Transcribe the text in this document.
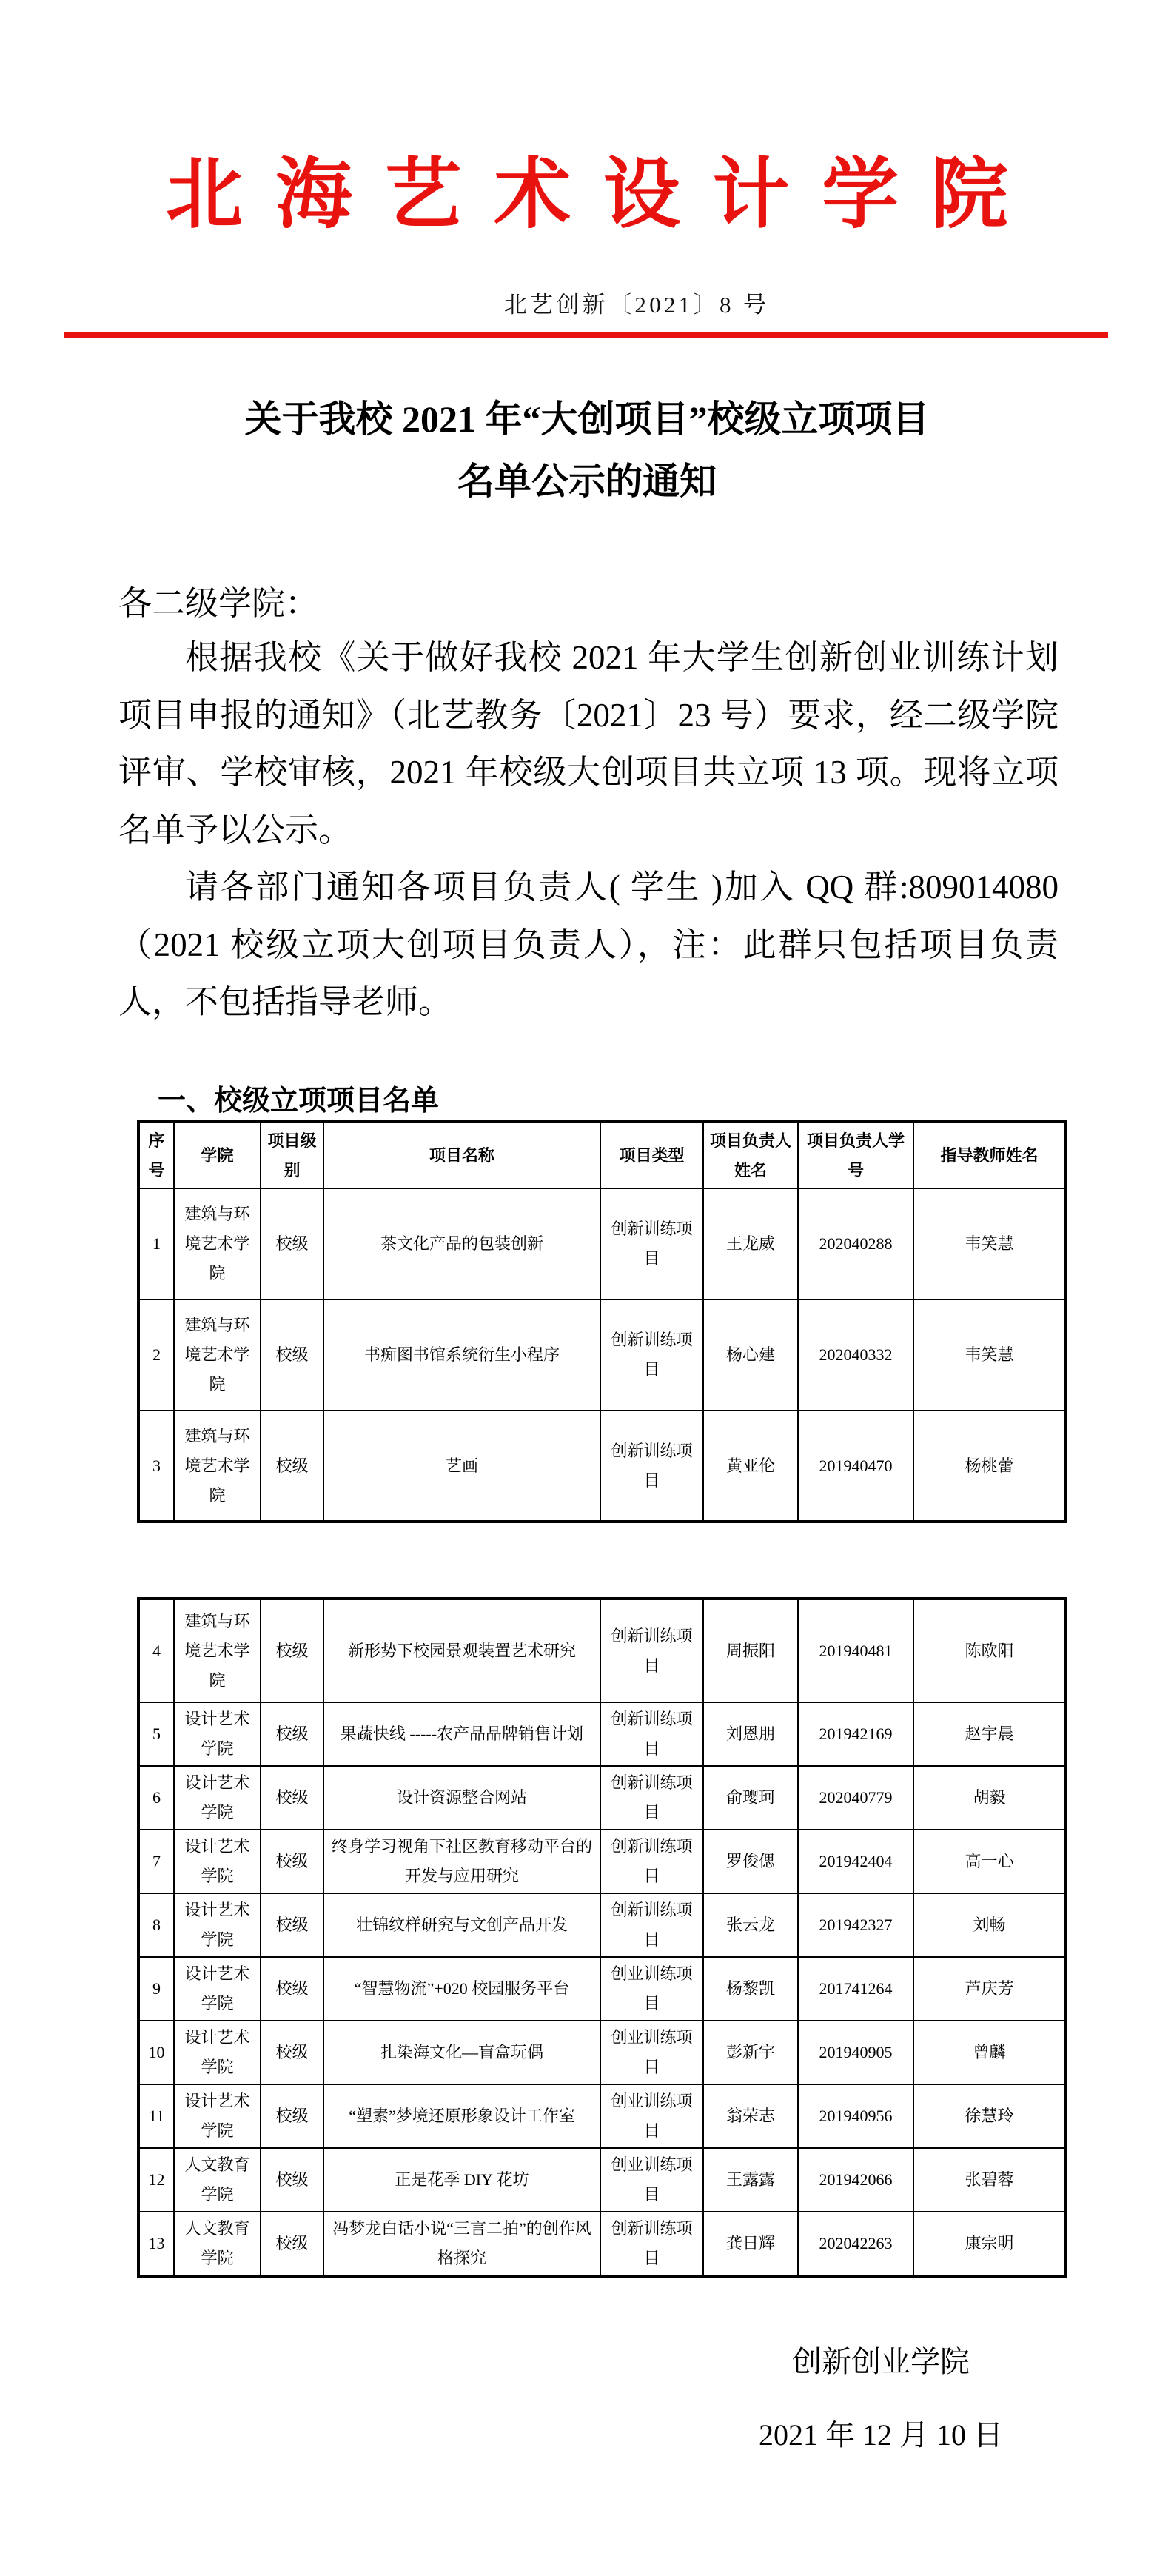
北海艺术设计学院
北艺创新〔2021〕8 号
关于我校 2021 年“大创项目”校级立项项目
名单公示的通知
各二级学院：

根据我校《关于做好我校 2021 年大学生创新创业训练计划项目申报的通知》（北艺教务〔2021〕23 号）要求，经二级学院评审、学校审核，2021 年校级大创项目共立项 13 项。现将立项名单予以公示。

请各部门通知各项目负责人( 学生 )加入 QQ 群:809014080（2021 校级立项大创项目负责人），注：此群只包括项目负责人，不包括指导老师。

一、校级立项项目名单
序号	学院	项目级别	项目名称	项目类型	项目负责人姓名	项目负责人学号	指导教师姓名
1	建筑与环境艺术学院	校级	茶文化产品的包装创新	创新训练项目	王龙威	202040288	韦笑慧
2	建筑与环境艺术学院	校级	书痴图书馆系统衍生小程序	创新训练项目	杨心建	202040332	韦笑慧
3	建筑与环境艺术学院	校级	艺画	创新训练项目	黄亚伦	201940470	杨桃蕾
4	建筑与环境艺术学院	校级	新形势下校园景观装置艺术研究	创新训练项目	周振阳	201940481	陈欧阳
5	设计艺术学院	校级	果蔬快线 -----农产品品牌销售计划	创新训练项目	刘恩朋	201942169	赵宇晨
6	设计艺术学院	校级	设计资源整合网站	创新训练项目	俞璎珂	202040779	胡毅
7	设计艺术学院	校级	终身学习视角下社区教育移动平台的开发与应用研究	创新训练项目	罗俊偲	201942404	高一心
8	设计艺术学院	校级	壮锦纹样研究与文创产品开发	创新训练项目	张云龙	201942327	刘畅
9	设计艺术学院	校级	“智慧物流”+020 校园服务平台	创业训练项目	杨黎凯	201741264	芦庆芳
10	设计艺术学院	校级	扎染海文化—盲盒玩偶	创业训练项目	彭新宇	201940905	曾麟
11	设计艺术学院	校级	“塑素”梦境还原形象设计工作室	创业训练项目	翁荣志	201940956	徐慧玲
12	人文教育学院	校级	正是花季 DIY 花坊	创业训练项目	王露露	201942066	张碧蓉
13	人文教育学院	校级	冯梦龙白话小说“三言二拍”的创作风格探究	创新训练项目	龚日辉	202042263	康宗明

创新创业学院

2021 年 12 月 10 日
